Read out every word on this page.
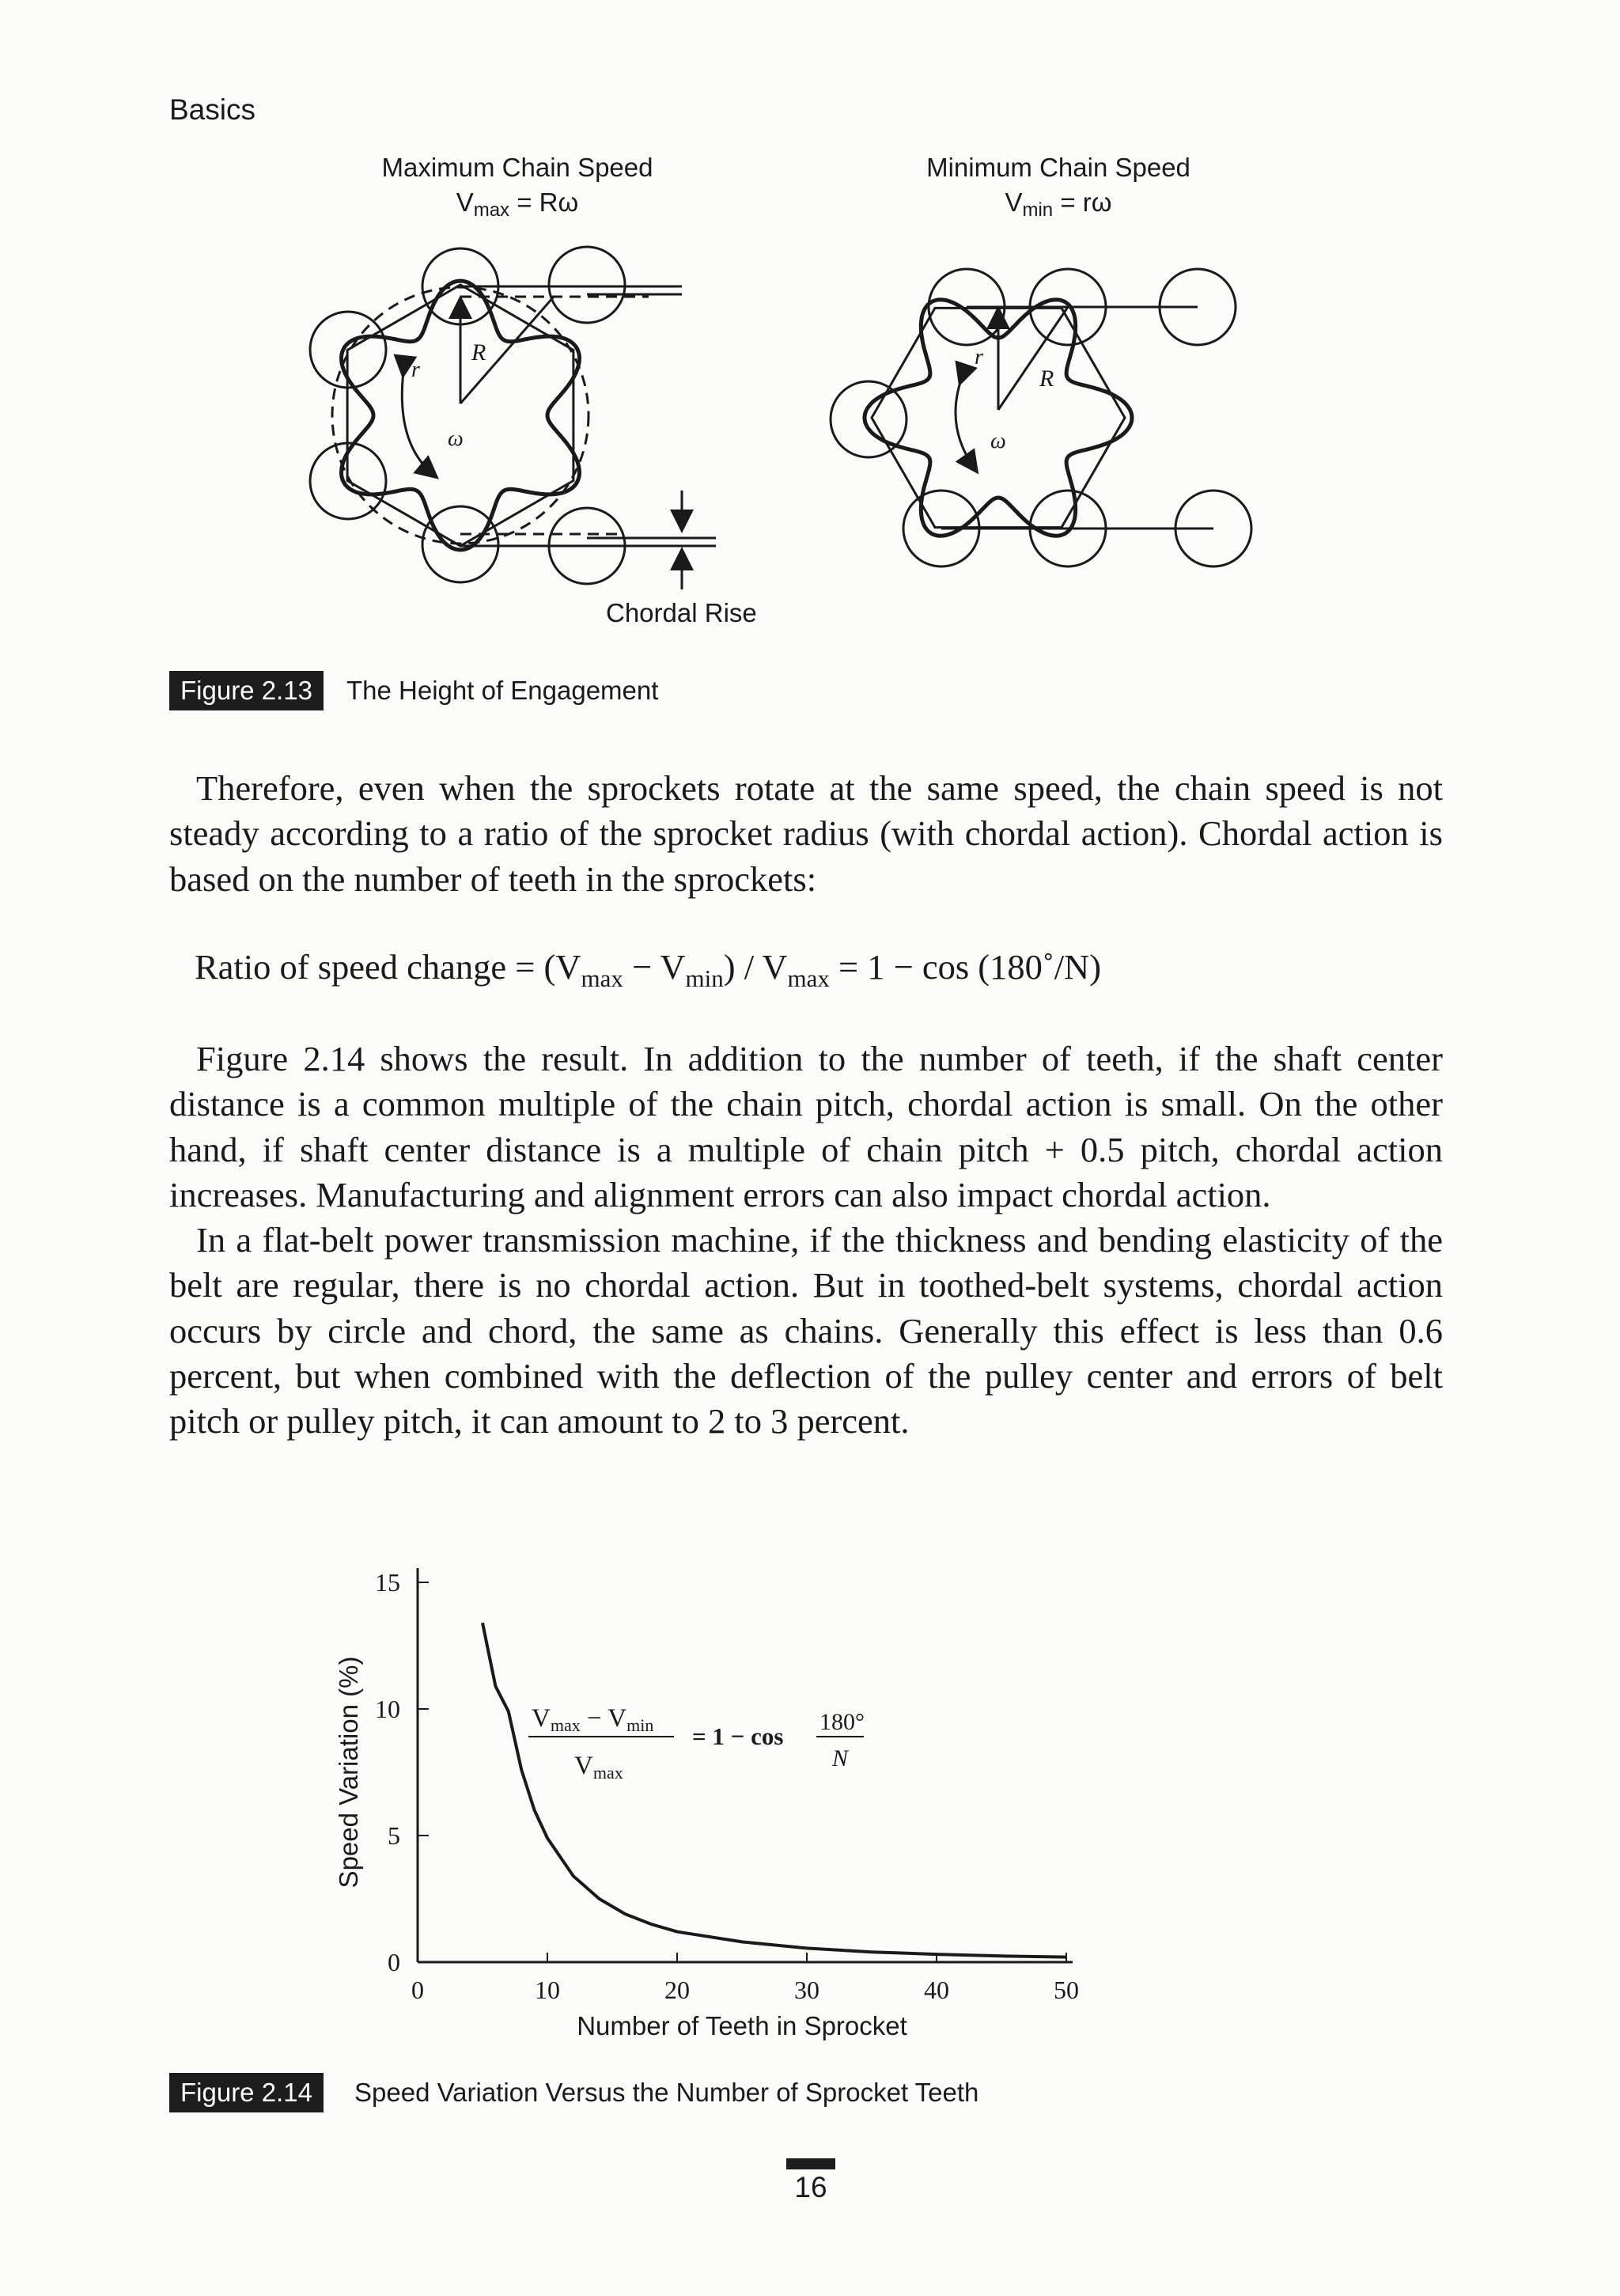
Basics
Maximum Chain Speed
$V_{max} = R\omega$
Minimum Chain Speed
$V_{min} = r\omega$
r
R
ω
r
R
ω
Chordal Rise
Figure 2.13	The Height of Engagement

Therefore, even when the sprockets rotate at the same speed, the chain speed is not steady according to a ratio of the sprocket radius (with chordal action). Chordal action is based on the number of teeth in the sprockets:

Ratio of speed change = $(V_{max} - V_{min}) / V_{max} = 1 - \cos$ (180˚/N)

Figure 2.14 shows the result. In addition to the number of teeth, if the shaft center distance is a common multiple of the chain pitch, chordal action is small. On the other hand, if shaft center distance is a multiple of chain pitch + 0.5 pitch, chordal action increases. Manufacturing and alignment errors can also impact chordal action.

In a flat-belt power transmission machine, if the thickness and bending elasticity of the belt are regular, there is no chordal action. But in toothed-belt systems, chordal action occurs by circle and chord, the same as chains. Generally this effect is less than 0.6 percent, but when combined with the deflection of the pulley center and errors of belt pitch or pulley pitch, it can amount to 2 to 3 percent.

0	10	20	30	40	50
0
5
10
15
Number of Teeth in Sprocket
Speed Variation (%)	Vmax − Vmin
Vmax
= 1 − cos
180°
N
Figure 2.14	Speed Variation Versus the Number of Sprocket Teeth
16
